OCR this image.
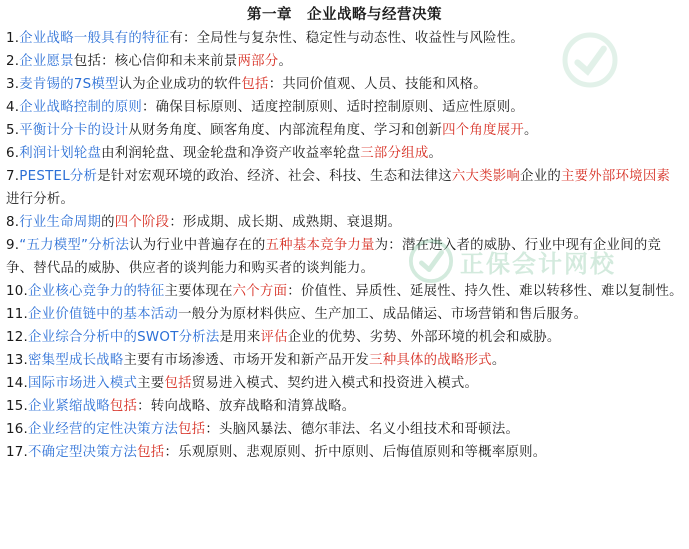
第一章　企业战略与经营决策
1.企业战略一般具有的特征有：全局性与复杂性、稳定性与动态性、收益性与风险性。
2.企业愿景包括：核心信仰和未来前景两部分。
3.麦肯锡的7S模型认为企业成功的软件包括：共同价值观、人员、技能和风格。
4.企业战略控制的原则：确保目标原则、适度控制原则、适时控制原则、适应性原则。
5.平衡计分卡的设计从财务角度、顾客角度、内部流程角度、学习和创新四个角度展开。
6.利润计划轮盘由利润轮盘、现金轮盘和净资产收益率轮盘三部分组成。
7.PESTEL分析是针对宏观环境的政治、经济、社会、科技、生态和法律这六大类影响企业的主要外部环境因素进行分析。
8.行业生命周期的四个阶段：形成期、成长期、成熟期、衰退期。
9.“五力模型”分析法认为行业中普遍存在的五种基本竞争力量为：潜在进入者的威胁、行业中现有企业间的竞争、替代品的威胁、供应者的谈判能力和购买者的谈判能力。
10.企业核心竞争力的特征主要体现在六个方面：价值性、异质性、延展性、持久性、难以转移性、难以复制性。
11.企业价值链中的基本活动一般分为原材料供应、生产加工、成品储运、市场营销和售后服务。
12.企业综合分析中的SWOT分析法是用来评估企业的优势、劣势、外部环境的机会和威胁。
13.密集型成长战略主要有市场渗透、市场开发和新产品开发三种具体的战略形式。
14.国际市场进入模式主要包括贸易进入模式、契约进入模式和投资进入模式。
15.企业紧缩战略包括：转向战略、放弃战略和清算战略。
16.企业经营的定性决策方法包括：头脑风暴法、德尔菲法、名义小组技术和哥顿法。
17.不确定型决策方法包括：乐观原则、悲观原则、折中原则、后悔值原则和等概率原则。
正保会计网校
